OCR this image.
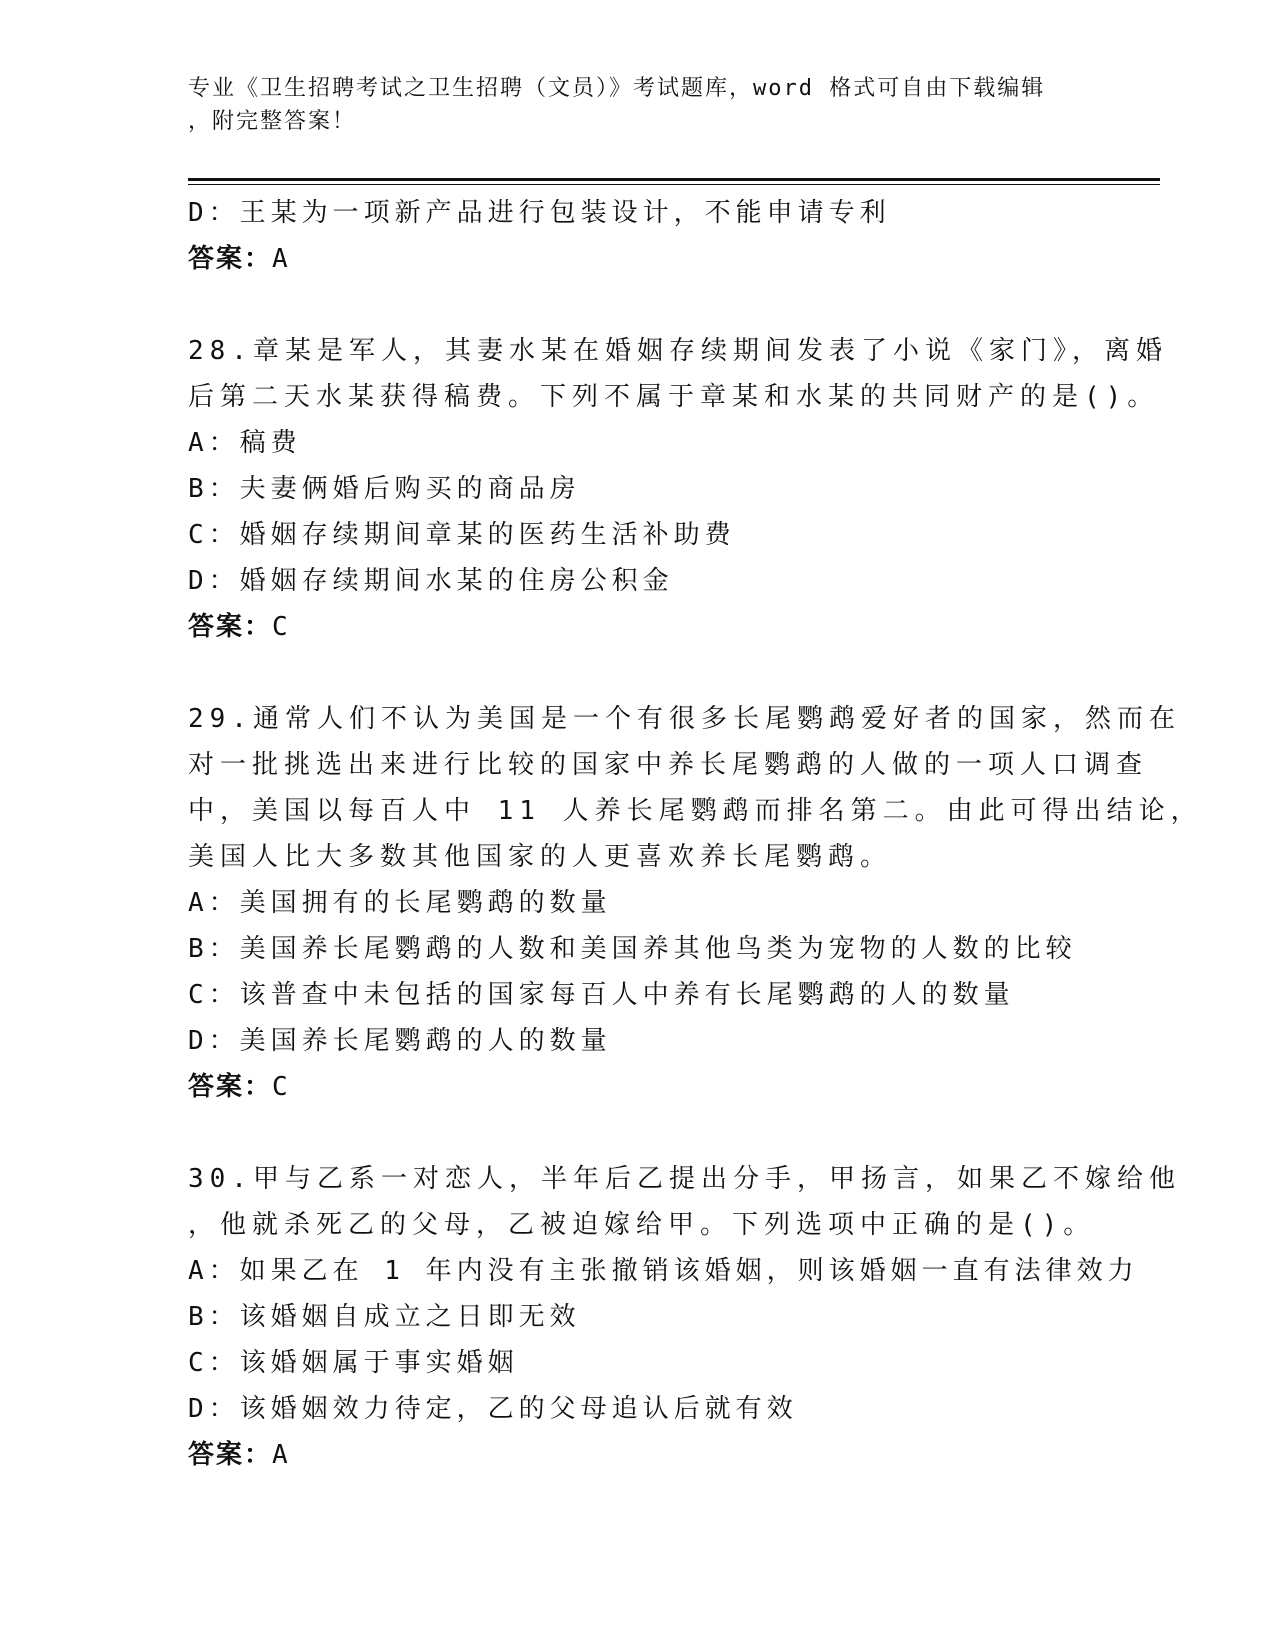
专业《卫生招聘考试之卫生招聘（文员）》考试题库，word 格式可自由下载编辑
，附完整答案！
D：王某为一项新产品进行包装设计，不能申请专利
答案：A
28.章某是军人，其妻水某在婚姻存续期间发表了小说《家门》，离婚
后第二天水某获得稿费。下列不属于章某和水某的共同财产的是()。
A：稿费
B：夫妻俩婚后购买的商品房
C：婚姻存续期间章某的医药生活补助费
D：婚姻存续期间水某的住房公积金
答案：C
29.通常人们不认为美国是一个有很多长尾鹦鹉爱好者的国家，然而在
对一批挑选出来进行比较的国家中养长尾鹦鹉的人做的一项人口调查
中，美国以每百人中 11 人养长尾鹦鹉而排名第二。由此可得出结论，
美国人比大多数其他国家的人更喜欢养长尾鹦鹉。
A：美国拥有的长尾鹦鹉的数量
B：美国养长尾鹦鹉的人数和美国养其他鸟类为宠物的人数的比较
C：该普查中未包括的国家每百人中养有长尾鹦鹉的人的数量
D：美国养长尾鹦鹉的人的数量
答案：C
30.甲与乙系一对恋人，半年后乙提出分手，甲扬言，如果乙不嫁给他
，他就杀死乙的父母，乙被迫嫁给甲。下列选项中正确的是()。
A：如果乙在 1 年内没有主张撤销该婚姻，则该婚姻一直有法律效力
B：该婚姻自成立之日即无效
C：该婚姻属于事实婚姻
D：该婚姻效力待定，乙的父母追认后就有效
答案：A
